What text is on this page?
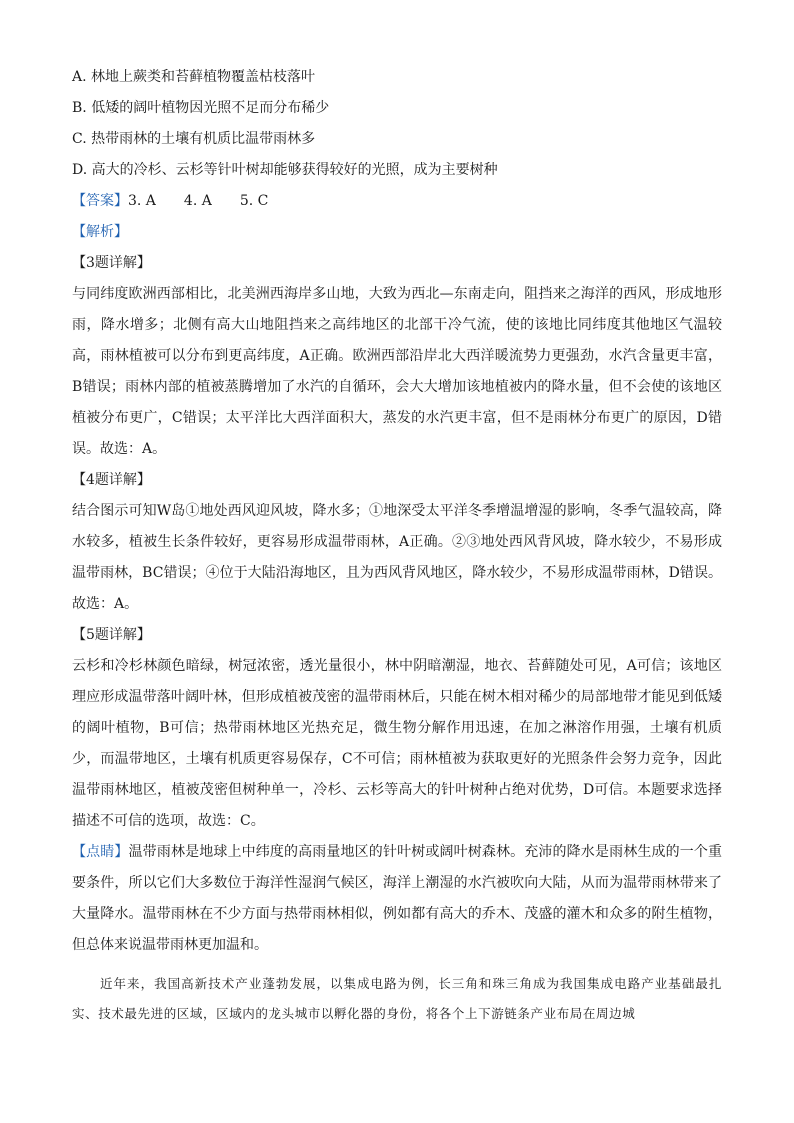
A. 林地上蕨类和苔藓植物覆盖枯枝落叶
B. 低矮的阔叶植物因光照不足而分布稀少
C. 热带雨林的土壤有机质比温带雨林多
D. 高大的冷杉、云杉等针叶树却能够获得较好的光照，成为主要树种
【答案】3. A 4. A 5. C
【解析】
【3题详解】

与同纬度欧洲西部相比，北美洲西海岸多山地，大致为西北—东南走向，阻挡来之海洋的西风，形成地形雨，降水增多；北侧有高大山地阻挡来之高纬地区的北部干冷气流，使的该地比同纬度其他地区气温较高，雨林植被可以分布到更高纬度，A正确。欧洲西部沿岸北大西洋暖流势力更强劲，水汽含量更丰富，B错误；雨林内部的植被蒸腾增加了水汽的自循环，会大大增加该地植被内的降水量，但不会使的该地区植被分布更广，C错误；太平洋比大西洋面积大，蒸发的水汽更丰富，但不是雨林分布更广的原因，D错误。故选：A。

【4题详解】

结合图示可知W岛①地处西风迎风坡，降水多；①地深受太平洋冬季增温增湿的影响，冬季气温较高，降水较多，植被生长条件较好，更容易形成温带雨林，A正确。②③地处西风背风坡，降水较少，不易形成温带雨林，BC错误；④位于大陆沿海地区，且为西风背风地区，降水较少，不易形成温带雨林，D错误。故选：A。

【5题详解】

云杉和冷杉林颜色暗绿，树冠浓密，透光量很小，林中阴暗潮湿，地衣、苔藓随处可见，A可信；该地区理应形成温带落叶阔叶林，但形成植被茂密的温带雨林后，只能在树木相对稀少的局部地带才能见到低矮的阔叶植物，B可信；热带雨林地区光热充足，微生物分解作用迅速，在加之淋溶作用强，土壤有机质少，而温带地区，土壤有机质更容易保存，C不可信；雨林植被为获取更好的光照条件会努力竞争，因此温带雨林地区，植被茂密但树种单一，冷杉、云杉等高大的针叶树种占绝对优势，D可信。本题要求选择描述不可信的选项，故选：C。

【点睛】温带雨林是地球上中纬度的高雨量地区的针叶树或阔叶树森林。充沛的降水是雨林生成的一个重要条件，所以它们大多数位于海洋性湿润气候区，海洋上潮湿的水汽被吹向大陆，从而为温带雨林带来了大量降水。温带雨林在不少方面与热带雨林相似，例如都有高大的乔木、茂盛的灌木和众多的附生植物，但总体来说温带雨林更加温和。

近年来，我国高新技术产业蓬勃发展，以集成电路为例，长三角和珠三角成为我国集成电路产业基础最扎实、技术最先进的区域，区域内的龙头城市以孵化器的身份，将各个上下游链条产业布局在周边城
